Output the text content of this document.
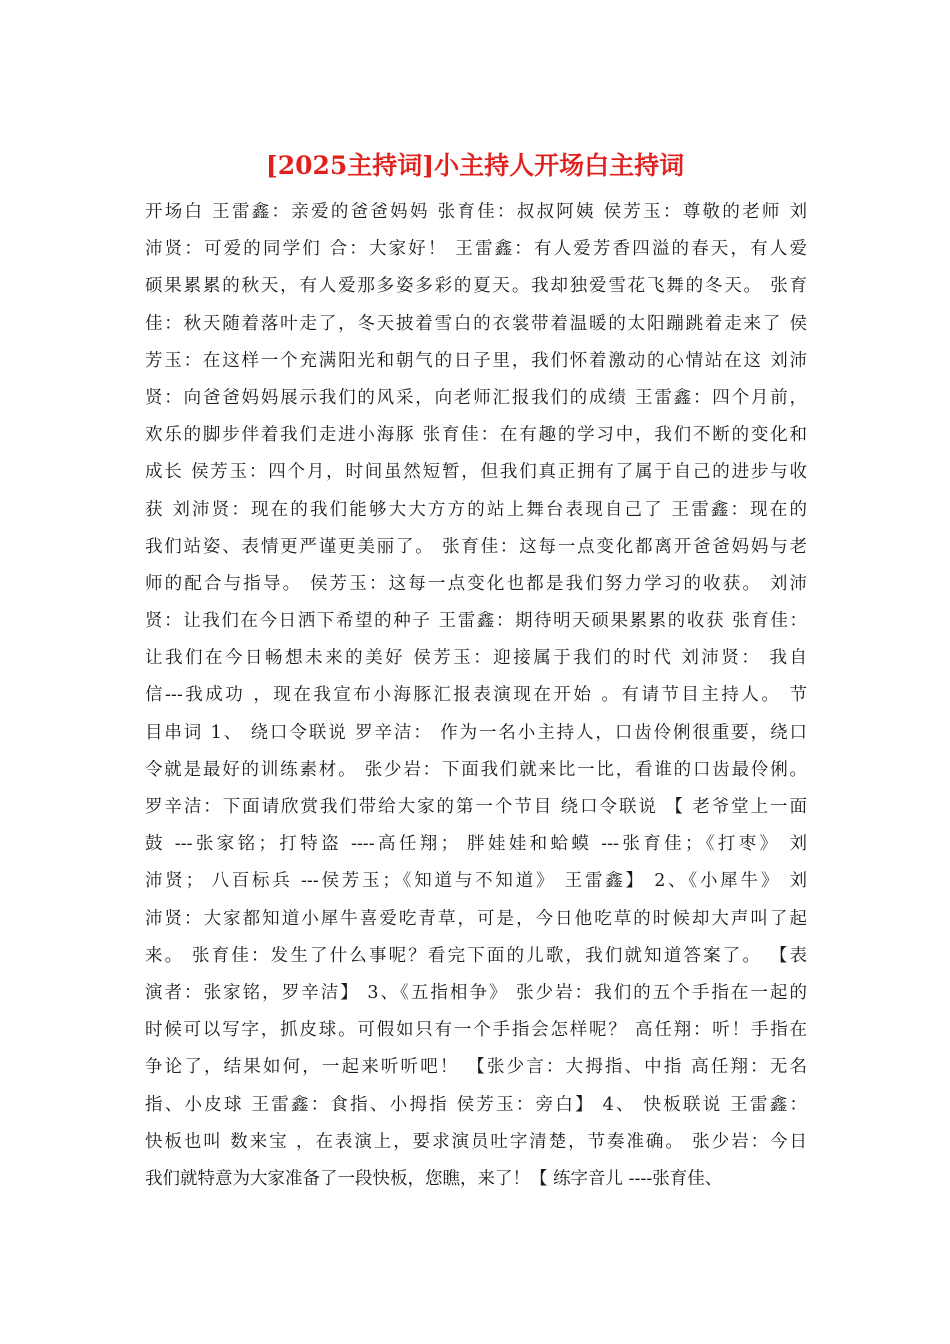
[2025主持词]小主持人开场白主持词
开场白 王雷鑫：亲爱的爸爸妈妈 张育佳：叔叔阿姨 侯芳玉：尊敬的老师 刘
沛贤：可爱的同学们 合：大家好！ 王雷鑫：有人爱芳香四溢的春天，有人爱
硕果累累的秋天，有人爱那多姿多彩的夏天。我却独爱雪花飞舞的冬天。 张育
佳：秋天随着落叶走了，冬天披着雪白的衣裳带着温暖的太阳蹦跳着走来了 侯
芳玉：在这样一个充满阳光和朝气的日子里，我们怀着激动的心情站在这 刘沛
贤：向爸爸妈妈展示我们的风采，向老师汇报我们的成绩 王雷鑫：四个月前，
欢乐的脚步伴着我们走进小海豚 张育佳：在有趣的学习中，我们不断的变化和
成长 侯芳玉：四个月，时间虽然短暂，但我们真正拥有了属于自己的进步与收
获 刘沛贤：现在的我们能够大大方方的站上舞台表现自己了 王雷鑫：现在的
我们站姿、表情更严谨更美丽了。 张育佳：这每一点变化都离开爸爸妈妈与老
师的配合与指导。 侯芳玉：这每一点变化也都是我们努力学习的收获。 刘沛
贤：让我们在今日洒下希望的种子 王雷鑫：期待明天硕果累累的收获 张育佳：
让我们在今日畅想未来的美好 侯芳玉：迎接属于我们的时代 刘沛贤： 我自
信---我成功 ，现在我宣布小海豚汇报表演现在开始 。有请节目主持人。 节
目串词 1、 绕口令联说 罗辛洁： 作为一名小主持人，口齿伶俐很重要，绕口
令就是最好的训练素材。 张少岩：下面我们就来比一比，看谁的口齿最伶俐。
罗辛洁：下面请欣赏我们带给大家的第一个节目 绕口令联说 【 老爷堂上一面
鼓 ---张家铭；打特盗 ----高任翔； 胖娃娃和蛤蟆 ---张育佳；《打枣》 刘
沛贤； 八百标兵 ---侯芳玉；《知道与不知道》 王雷鑫】 2、《小犀牛》 刘
沛贤：大家都知道小犀牛喜爱吃青草，可是，今日他吃草的时候却大声叫了起
来。 张育佳：发生了什么事呢？看完下面的儿歌，我们就知道答案了。 【表
演者：张家铭，罗辛洁】 3、《五指相争》 张少岩：我们的五个手指在一起的
时候可以写字，抓皮球。可假如只有一个手指会怎样呢？ 高任翔：听！手指在
争论了，结果如何，一起来听听吧！ 【张少言：大拇指、中指 高任翔：无名
指、小皮球 王雷鑫：食指、小拇指 侯芳玉：旁白】 4、 快板联说 王雷鑫：
快板也叫 数来宝 ，在表演上，要求演员吐字清楚，节奏准确。 张少岩：今日
我们就特意为大家准备了一段快板，您瞧，来了！【 练字音儿 ----张育佳、
